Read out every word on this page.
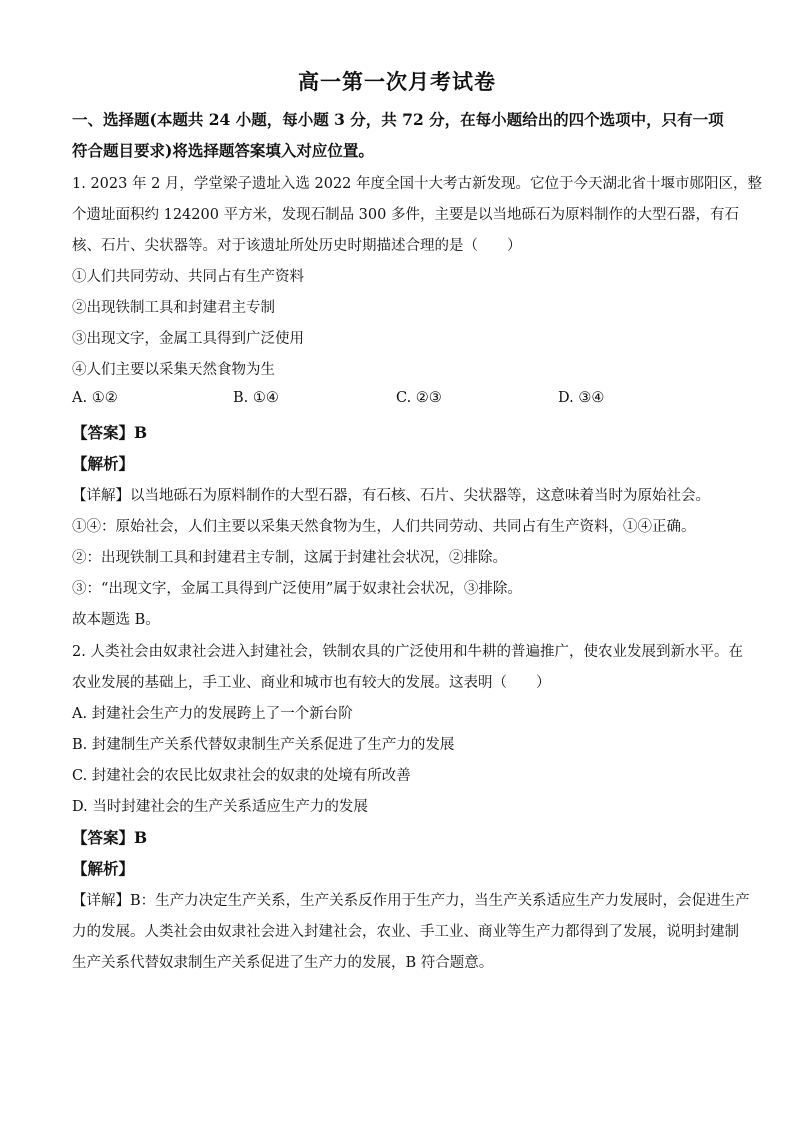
高一第一次月考试卷
一、选择题(本题共 24 小题，每小题 3 分，共 72 分，在每小题给出的四个选项中，只有一项
符合题目要求)将选择题答案填入对应位置。
1. 2023 年 2 月，学堂梁子遗址入选 2022 年度全国十大考古新发现。它位于今天湖北省十堰市郧阳区，整
个遗址面积约 124200 平方米，发现石制品 300 多件，主要是以当地砾石为原料制作的大型石器，有石
核、石片、尖状器等。对于该遗址所处历史时期描述合理的是（　　）
①人们共同劳动、共同占有生产资料
②出现铁制工具和封建君主专制
③出现文字，金属工具得到广泛使用
④人们主要以采集天然食物为生
A. ①②	B. ①④	C. ②③	D. ③④
【答案】B
【解析】
【详解】以当地砾石为原料制作的大型石器，有石核、石片、尖状器等，这意味着当时为原始社会。
①④：原始社会，人们主要以采集天然食物为生，人们共同劳动、共同占有生产资料，①④正确。
②：出现铁制工具和封建君主专制，这属于封建社会状况，②排除。
③：“出现文字，金属工具得到广泛使用”属于奴隶社会状况，③排除。
故本题选 B。
2. 人类社会由奴隶社会进入封建社会，铁制农具的广泛使用和牛耕的普遍推广，使农业发展到新水平。在
农业发展的基础上，手工业、商业和城市也有较大的发展。这表明（　　）
A. 封建社会生产力的发展跨上了一个新台阶
B. 封建制生产关系代替奴隶制生产关系促进了生产力的发展
C. 封建社会的农民比奴隶社会的奴隶的处境有所改善
D. 当时封建社会的生产关系适应生产力的发展
【答案】B
【解析】
【详解】B：生产力决定生产关系，生产关系反作用于生产力，当生产关系适应生产力发展时，会促进生产
力的发展。人类社会由奴隶社会进入封建社会，农业、手工业、商业等生产力都得到了发展，说明封建制
生产关系代替奴隶制生产关系促进了生产力的发展，B 符合题意。
